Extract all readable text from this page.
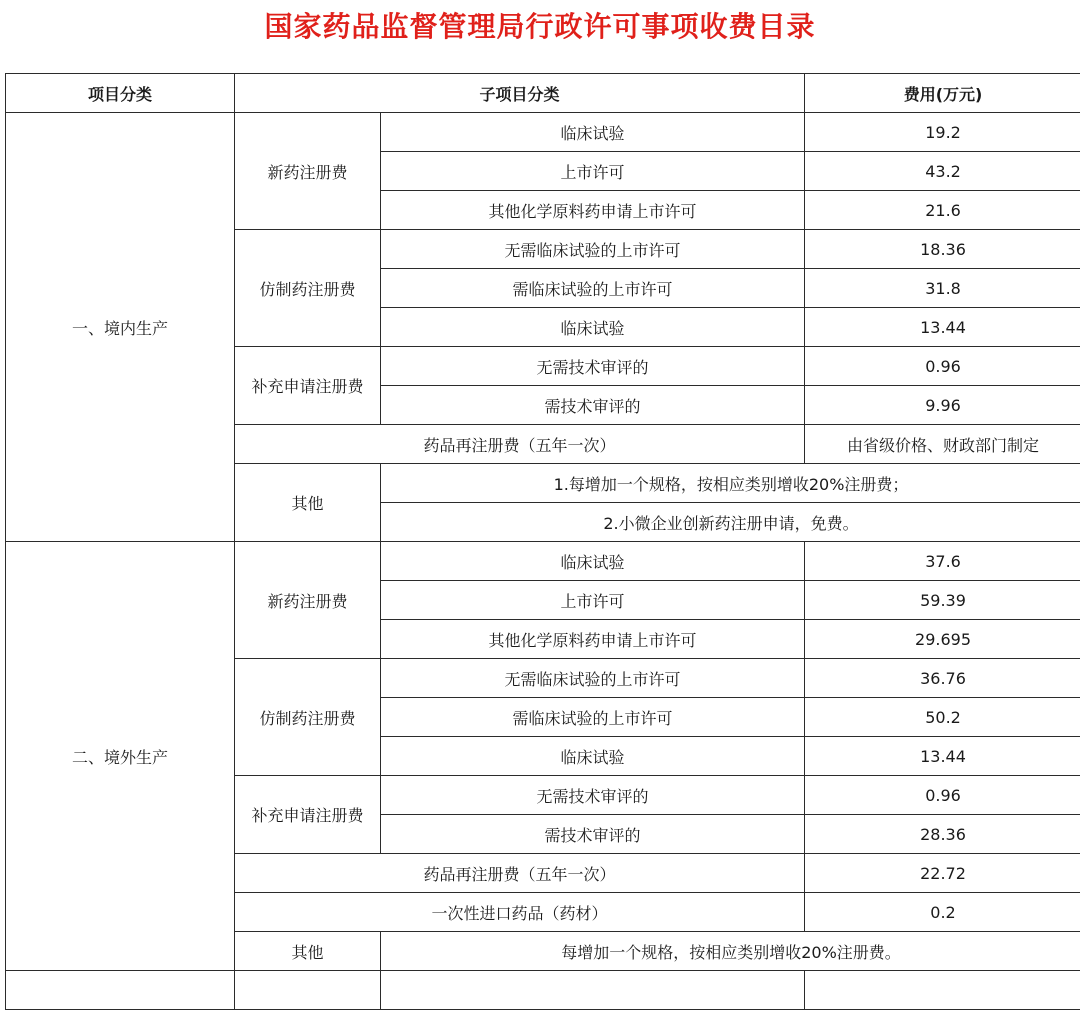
国家药品监督管理局行政许可事项收费目录
项目分类	子项目分类		费用(万元)
一、境内生产	新药注册费	临床试验	19.2
		上市许可	43.2
		其他化学原料药申请上市许可	21.6
	仿制药注册费	无需临床试验的上市许可	18.36
		需临床试验的上市许可	31.8
		临床试验	13.44
	补充申请注册费	无需技术审评的	0.96
		需技术审评的	9.96
	药品再注册费（五年一次）		由省级价格、财政部门制定
	其他	1.每增加一个规格，按相应类别增收20%注册费；	
		2.小微企业创新药注册申请，免费。	
二、境外生产	新药注册费	临床试验	37.6
		上市许可	59.39
		其他化学原料药申请上市许可	29.695
	仿制药注册费	无需临床试验的上市许可	36.76
		需临床试验的上市许可	50.2
		临床试验	13.44
	补充申请注册费	无需技术审评的	0.96
		需技术审评的	28.36
	药品再注册费（五年一次）		22.72
	一次性进口药品（药材）		0.2
	其他	每增加一个规格，按相应类别增收20%注册费。	
